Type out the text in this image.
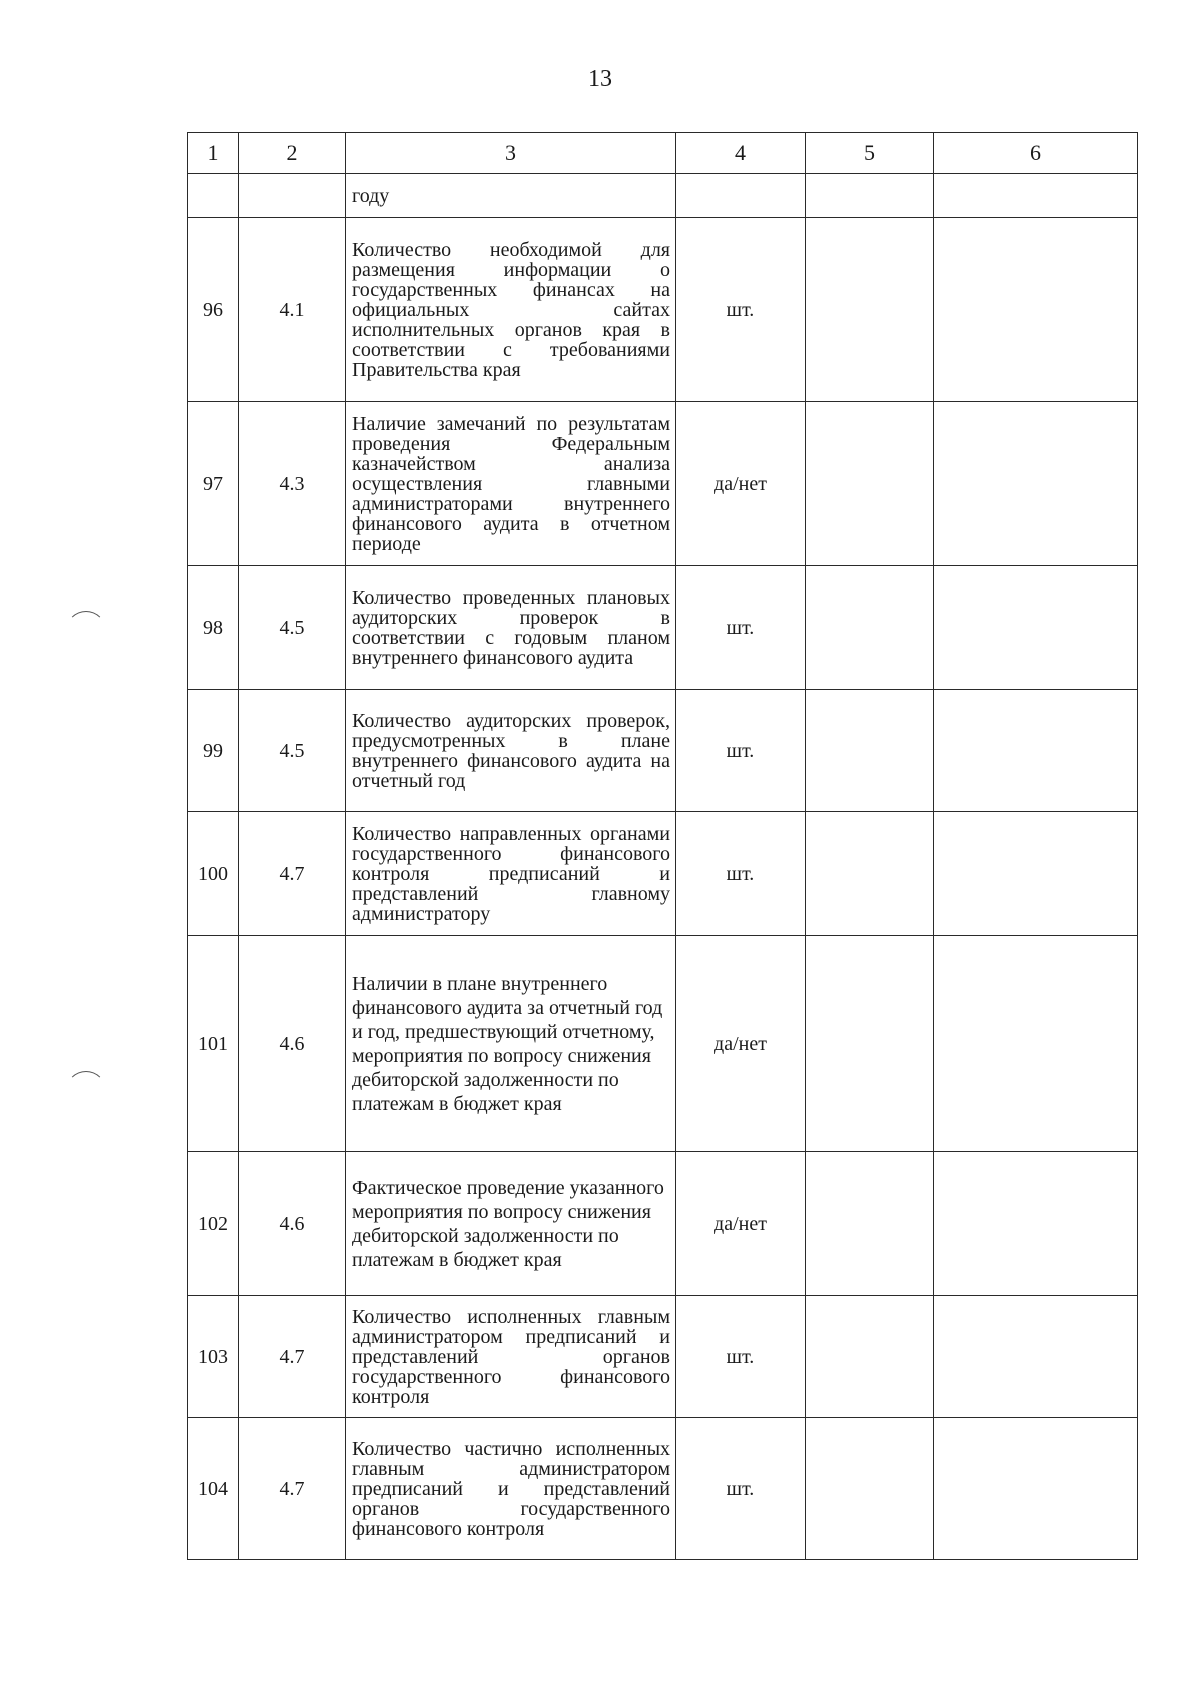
13
1	2	3	4	5	6
		году			
96	4.1	Количество необходимой для размещения информации о государственных финансах на официальных сайтах исполнительных органов края в соответствии с требованиями Правительства края	шт.		
97	4.3	Наличие замечаний по результатам проведения Федеральным казначейством анализа осуществления главными администраторами внутреннего финансового аудита в отчетном периоде	да/нет		
98	4.5	Количество проведенных плановых аудиторских проверок в соответствии с годовым планом внутреннего финансового аудита	шт.		
99	4.5	Количество аудиторских проверок, предусмотренных в плане внутреннего финансового аудита на отчетный год	шт.		
100	4.7	Количество направленных органами государственного финансового контроля предписаний и представлений главному администратору	шт.		
101	4.6	Наличии в плане внутреннего финансового аудита за отчетный год и год, предшествующий отчетному, мероприятия по вопросу снижения дебиторской задолженности по платежам в бюджет края	да/нет		
102	4.6	Фактическое проведение указанного мероприятия по вопросу снижения дебиторской задолженности по платежам в бюджет края	да/нет		
103	4.7	Количество исполненных главным администратором предписаний и представлений органов государственного финансового контроля	шт.		
104	4.7	Количество частично исполненных главным администратором предписаний и представлений органов государственного финансового контроля	шт.		
